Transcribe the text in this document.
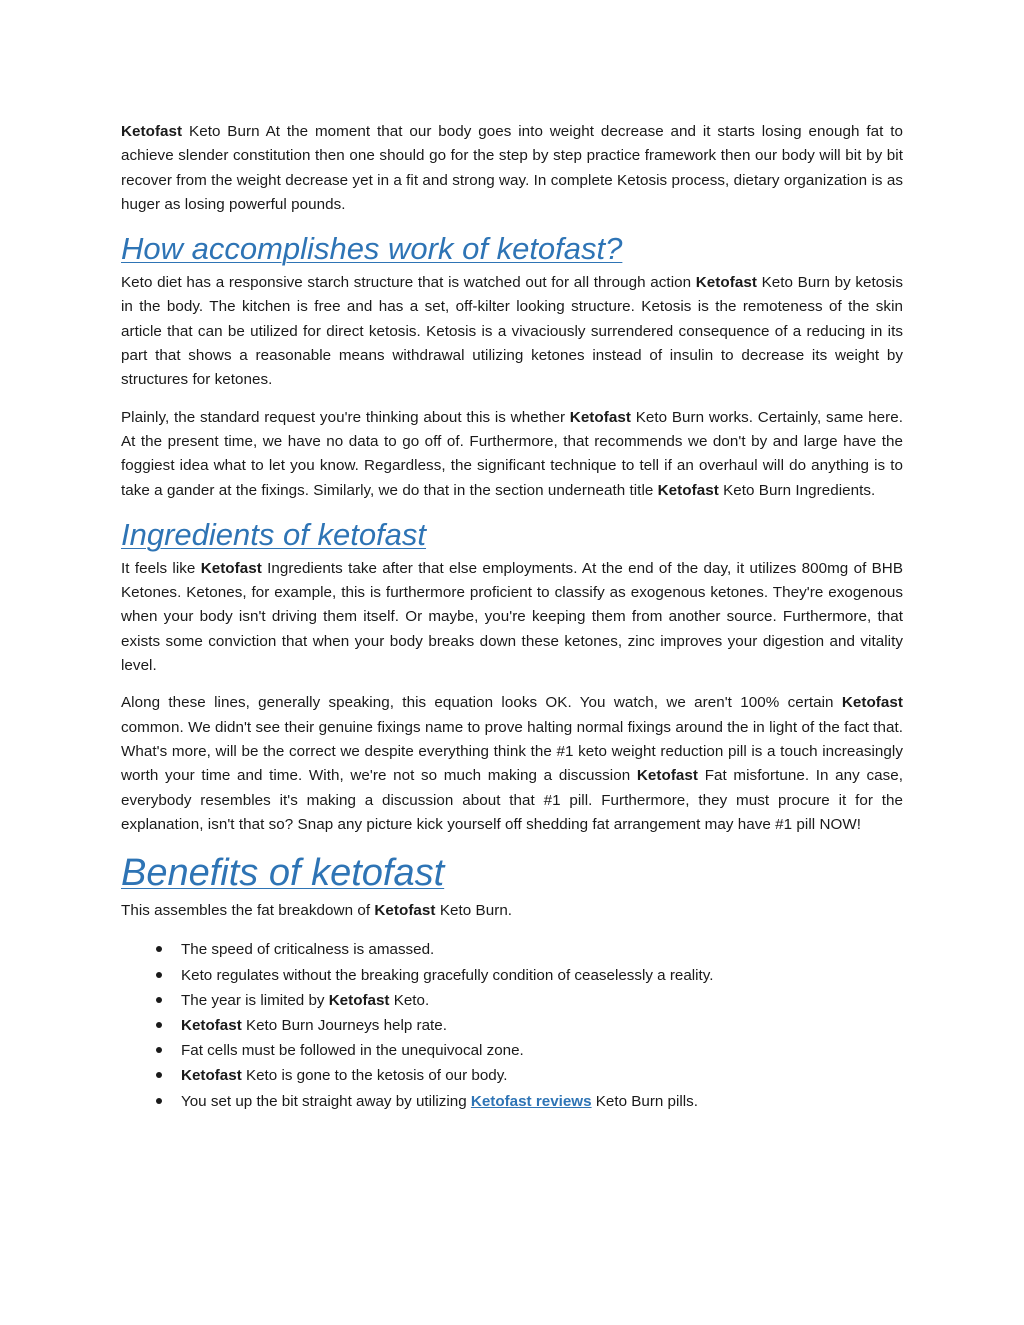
Ketofast Keto Burn At the moment that our body goes into weight decrease and it starts losing enough fat to achieve slender constitution then one should go for the step by step practice framework then our body will bit by bit recover from the weight decrease yet in a fit and strong way. In complete Ketosis process, dietary organization is as huger as losing powerful pounds.

How accomplishes work of ketofast?

Keto diet has a responsive starch structure that is watched out for all through action Ketofast Keto Burn by ketosis in the body. The kitchen is free and has a set, off-kilter looking structure. Ketosis is the remoteness of the skin article that can be utilized for direct ketosis. Ketosis is a vivaciously surrendered consequence of a reducing in its part that shows a reasonable means withdrawal utilizing ketones instead of insulin to decrease its weight by structures for ketones.

Plainly, the standard request you're thinking about this is whether Ketofast Keto Burn works. Certainly, same here. At the present time, we have no data to go off of. Furthermore, that recommends we don't by and large have the foggiest idea what to let you know. Regardless, the significant technique to tell if an overhaul will do anything is to take a gander at the fixings. Similarly, we do that in the section underneath title Ketofast Keto Burn Ingredients.

Ingredients of ketofast

It feels like Ketofast Ingredients take after that else employments. At the end of the day, it utilizes 800mg of BHB Ketones. Ketones, for example, this is furthermore proficient to classify as exogenous ketones. They're exogenous when your body isn't driving them itself. Or maybe, you're keeping them from another source. Furthermore, that exists some conviction that when your body breaks down these ketones, zinc improves your digestion and vitality level.

Along these lines, generally speaking, this equation looks OK. You watch, we aren't 100% certain Ketofast common. We didn't see their genuine fixings name to prove halting normal fixings around the in light of the fact that. What's more, will be the correct we despite everything think the #1 keto weight reduction pill is a touch increasingly worth your time and time. With, we're not so much making a discussion Ketofast Fat misfortune. In any case, everybody resembles it's making a discussion about that #1 pill. Furthermore, they must procure it for the explanation, isn't that so? Snap any picture kick yourself off shedding fat arrangement may have #1 pill NOW!

Benefits of ketofast

This assembles the fat breakdown of Ketofast Keto Burn.

The speed of criticalness is amassed.
Keto regulates without the breaking gracefully condition of ceaselessly a reality.
The year is limited by Ketofast Keto.
Ketofast Keto Burn Journeys help rate.
Fat cells must be followed in the unequivocal zone.
Ketofast Keto is gone to the ketosis of our body.
You set up the bit straight away by utilizing Ketofast reviews Keto Burn pills.
